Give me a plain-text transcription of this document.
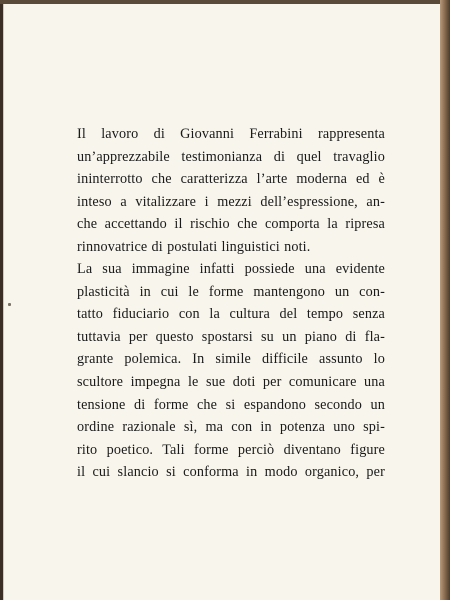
Il lavoro di Giovanni Ferrabini rappresenta
un’apprezzabile testimonianza di quel travaglio
ininterrotto che caratterizza l’arte moderna ed è
inteso a vitalizzare i mezzi dell’espressione, an-
che accettando il rischio che comporta la ripresa
rinnovatrice di postulati linguistici noti.
La sua immagine infatti possiede una evidente
plasticità in cui le forme mantengono un con-
tatto fiduciario con la cultura del tempo senza
tuttavia per questo spostarsi su un piano di fla-
grante polemica. In simile difficile assunto lo
scultore impegna le sue doti per comunicare una
tensione di forme che si espandono secondo un
ordine razionale sì, ma con in potenza uno spi-
rito poetico. Tali forme perciò diventano figure
il cui slancio si conforma in modo organico, per
